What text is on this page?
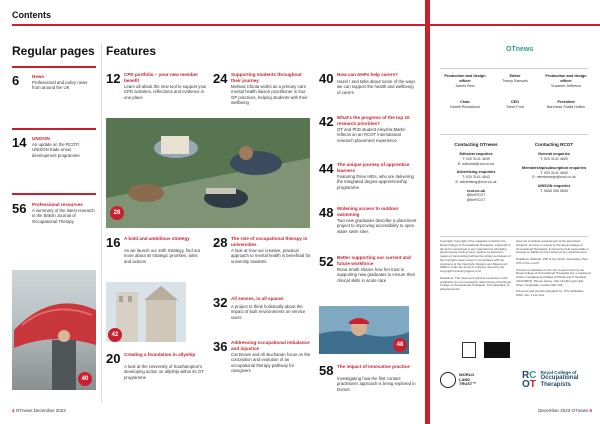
Contents
Regular pages Features
6	News
Professional and policy news from around the UK
14 UNISON
An update on the RCOT/ UNISON trade union development programme
56 Professional resources
A summary of the latest research in the British Journal of Occupational Therapy
40
12 CPD portfolio – your new member benefit
Learn all about the new tool to support your CPD activities, reflections and evidence in one place
28
16 A bold and ambitious strategy
As we launch our 10th Strategy, find out more about its strategic priorities, aims and actions
42
20 Creating a foundation in allyship
A look at the University of Southampton's developing action on allyship within its OT programme
24 Supporting students throughout their journey
Melissa Chiota works as a primary care mental health liaison practitioner in four GP practices, helping students with their wellbeing
28 The role of occupational therapy in universities
A look at how our creative, practical approach to mental health is beneficial for university students
32 All senses, in all spaces
A project to think holistically about the impact of built environments on service users
36 Addressing occupational imbalance and injustice
Cat Brown and Ali Buchanan focus on the conception and evolution of an occupational therapy pathway for caregivers
40 How can AHPs help carers?
Hazel I and talks about some of the ways we can support the health and wellbeing of carers
42 What's the progress of the top 10 research priorities?
OT and PhD student Aleysha Martin reflects on an RCOT international research placement experience
44 The unique journey of apprentice learners
Featuring three HEIs, who are delivering the integrated degree apprenticeship programme
48 Widening access to outdoor swimming
Two new graduates describe a placement project to improving accessibility to open water swim sites
52 Better supporting our current and future workforce
Rona Smith shares how her trust is supporting new graduates to ensure their clinical skills in acute care
48
58 The impact of innovative practice
Investigating how the first contact practitioner approach is being explored in Dorset
OTnews
Production and design officer
James Reid
Editor
Tracey Samuels
Production and design officer
Suzanne Jefferson
Chair
Gareth Richardson
CEO
Steve Ford
President
Baroness Sheila Hollins
Contacting OTnews
Editorial enquiries
T: 020 3141 4639
E: editorial@rcot.co.uk
Advertising enquiries
T: 020 3141 4642
E: advertising@rcot.co.uk
rcot.co.uk
@theRCOT
@theRCOT
Contacting RCOT
General enquiries
T: 020 3141 4600
Membership/subscription enquiries
T: 020 3141 4640
E: membership@rcot.co.uk
UNISON enquiries
T: 0845 355 0845
Copyright: Copyright of the magazine is held by the Royal College of Occupational Therapists. Copyright of the items reproduced in any material from all trading photocopying storing in any medium by electronic means or transmitting) without the written permission of the copyright owner except in accordance with the provisions of the Copyright, Designs and Patents Act 1988 or under the terms of a licence issued by the Copyright Licensing Agency Ltd.
Disclaimer: The views and opinions expressed in this publication do not necessarily reflect those of the Royal College of Occupational Therapists. The publication of advertisements
does not constitute endorsement of the advertised products, services or events by the Royal College of Occupational Therapists. It cannot be held responsible or accepts no liability for the content of any advertisement.
Deadlines: Editorial: 15th of the month. Advertising: 8am, 27th of the month.
OTnews is published on the 1st of each month by the Royal College of Occupational Therapists Ltd, a registered charity in England and Wales (275119) and in Scotland (SCO39573). Plumer House, 106–114 Borough High Street, Southwark, London SE1 1LB.
Pre-press and printed in England by: This publication ISSN: 1ss: 1 1ss 1sss
WORLD
LAND
TRUST™
RC
OT
Royal College of
Occupational
Therapists
4 OTnews December 2023	December 2023 OTnews 5
